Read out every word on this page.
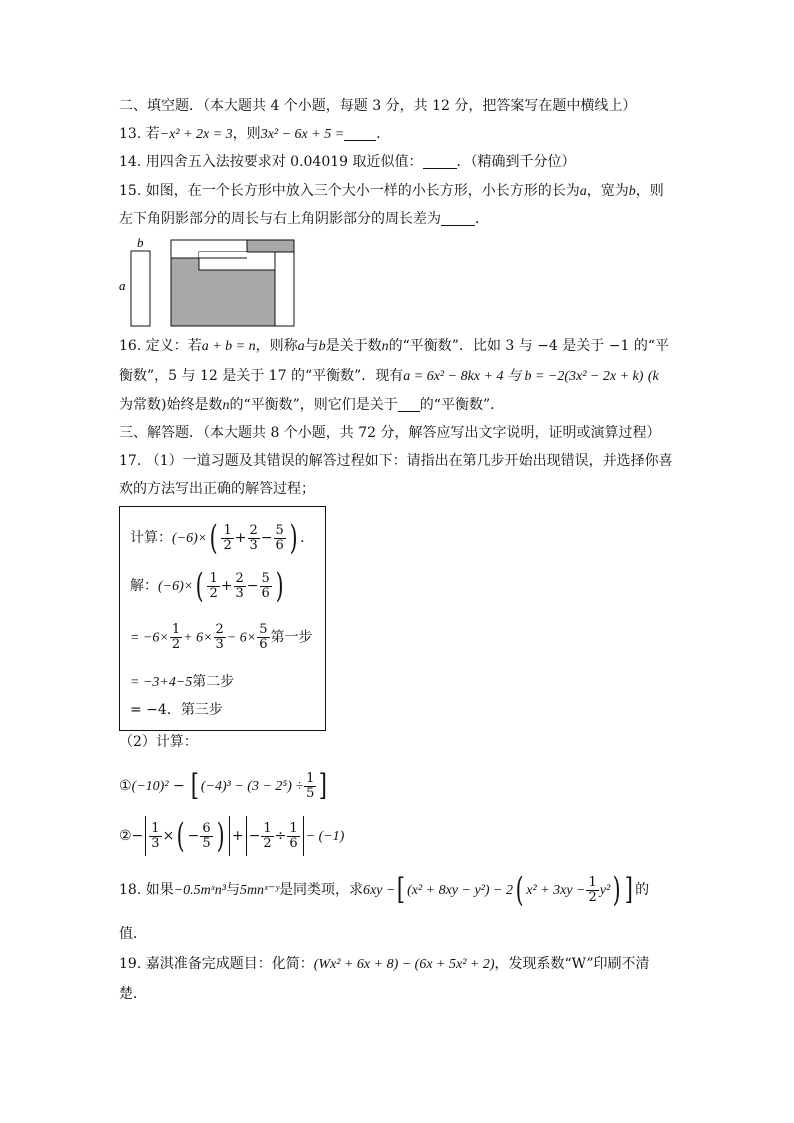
二、填空题．（本大题共 4 个小题，每题 3 分，共 12 分，把答案写在题中横线上）
13. 若−x² + 2x = 3，则3x² − 6x + 5 = ．
14. 用四舍五入法按要求对 0.04019 取近似值： ．（精确到千分位）
15. 如图，在一个长方形中放入三个大小一样的小长方形，小长方形的长为a，宽为b，则
左下角阴影部分的周长与右上角阴影部分的周长差为 ．
b
a
16. 定义：若a + b = n，则称a与b是关于数n的“平衡数”．比如 3 与 −4 是关于 −1 的“平
衡数”，5 与 12 是关于 17 的“平衡数”．现有a = 6x² − 8kx + 4 与 b = −2(3x² − 2x + k) (k
为常数)始终是数n的“平衡数”，则它们是关于 的“平衡数”．
三、解答题．（本大题共 8 个小题，共 72 分，解答应写出文字说明，证明或演算过程）
17. （1）一道习题及其错误的解答过程如下：请指出在第几步开始出现错误，并选择你喜
欢的方法写出正确的解答过程；
计算：$(-6)\times( \frac{1}{2} + \frac{2}{3} - \frac{5}{6}$ ) ．
解：$(-6)\times( \frac{1}{2} + \frac{2}{3} - \frac{5}{6}$ )
= $-6\times \frac{1}{2} + 6\times \frac{2}{3} - 6\times \frac{5}{6}$ 第一步
= −3+4−5第二步
= −4．第三步
（2）计算：
①(−10)² − [ $(-4)^3 - (3 - 2^5) \div \frac{1}{5}$ ]
②− $\frac{1}{3}$ ×( − $\frac{6}{5}$ ) + − $\frac{1}{2} \div \frac{1}{6} - (-1)$
18. 如果−0.5mˣn³与5mnˣ⁻ʸ是同类项，求6xy −[ (x² + 8xy − y²) − 2( $x^2 + 3xy - \frac{1}{2} y^2$) ] 的
值．
19. 嘉淇准备完成题目：化简：(Wx² + 6x + 8) − (6x + 5x² + 2)，发现系数“W”印刷不清
楚．
